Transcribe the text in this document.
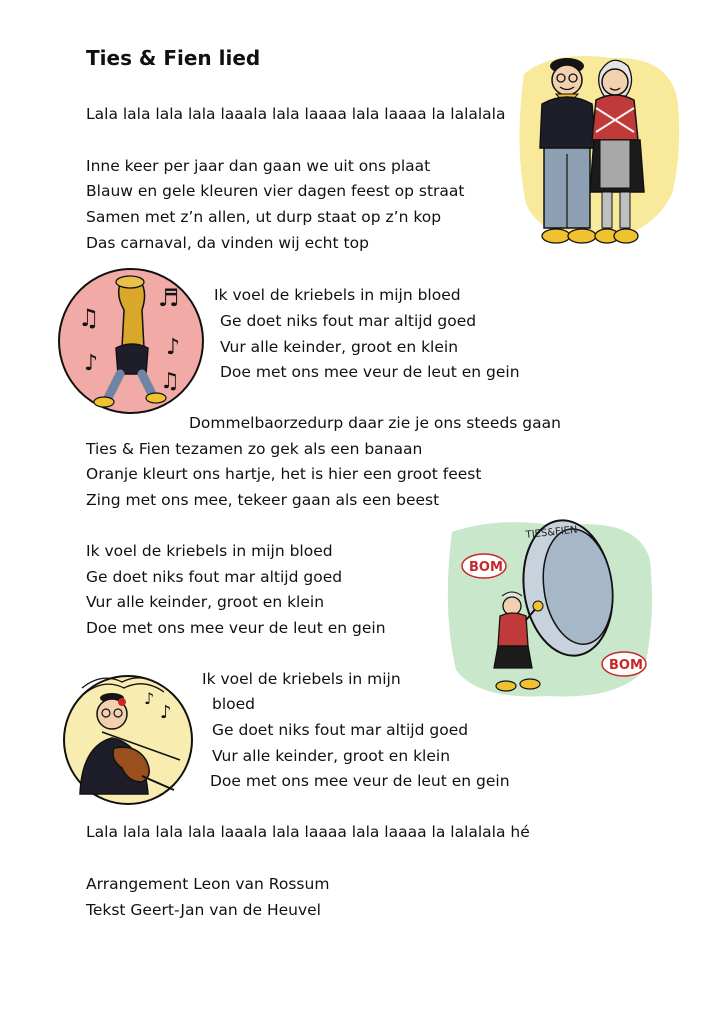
Ties & Fien lied
Lala lala lala lala laaala lala laaaa lala laaaa la lalalala
Inne keer per jaar dan gaan we uit ons plaat
Blauw en gele kleuren vier dagen feest op straat
Samen met z’n allen, ut durp staat op z’n kop
Das carnaval, da vinden wij echt top
Ik voel de kriebels in mijn bloed
Ge doet niks fout mar altijd goed
Vur alle keinder, groot en klein
Doe met ons mee veur de leut en gein
Dommelbaorzedurp daar zie je ons steeds gaan
Ties & Fien tezamen zo gek als een banaan
Oranje kleurt ons hartje, het is hier een groot feest
Zing met ons mee, tekeer gaan als een beest
Ik voel de kriebels in mijn bloed
Ge doet niks fout mar altijd goed
Vur alle keinder, groot en klein
Doe met ons mee veur de leut en gein
Ik voel de kriebels in mijn
bloed
Ge doet niks fout mar altijd goed
Vur alle keinder, groot en klein
Doe met ons mee veur de leut en gein
Lala lala lala lala laaala lala laaaa lala laaaa la lalalala hé
Arrangement Leon van Rossum
Tekst Geert-Jan van de Heuvel
♫
♬
♪
♪
♫
TIES&FIEN
BOM
BOM
♪
♪
